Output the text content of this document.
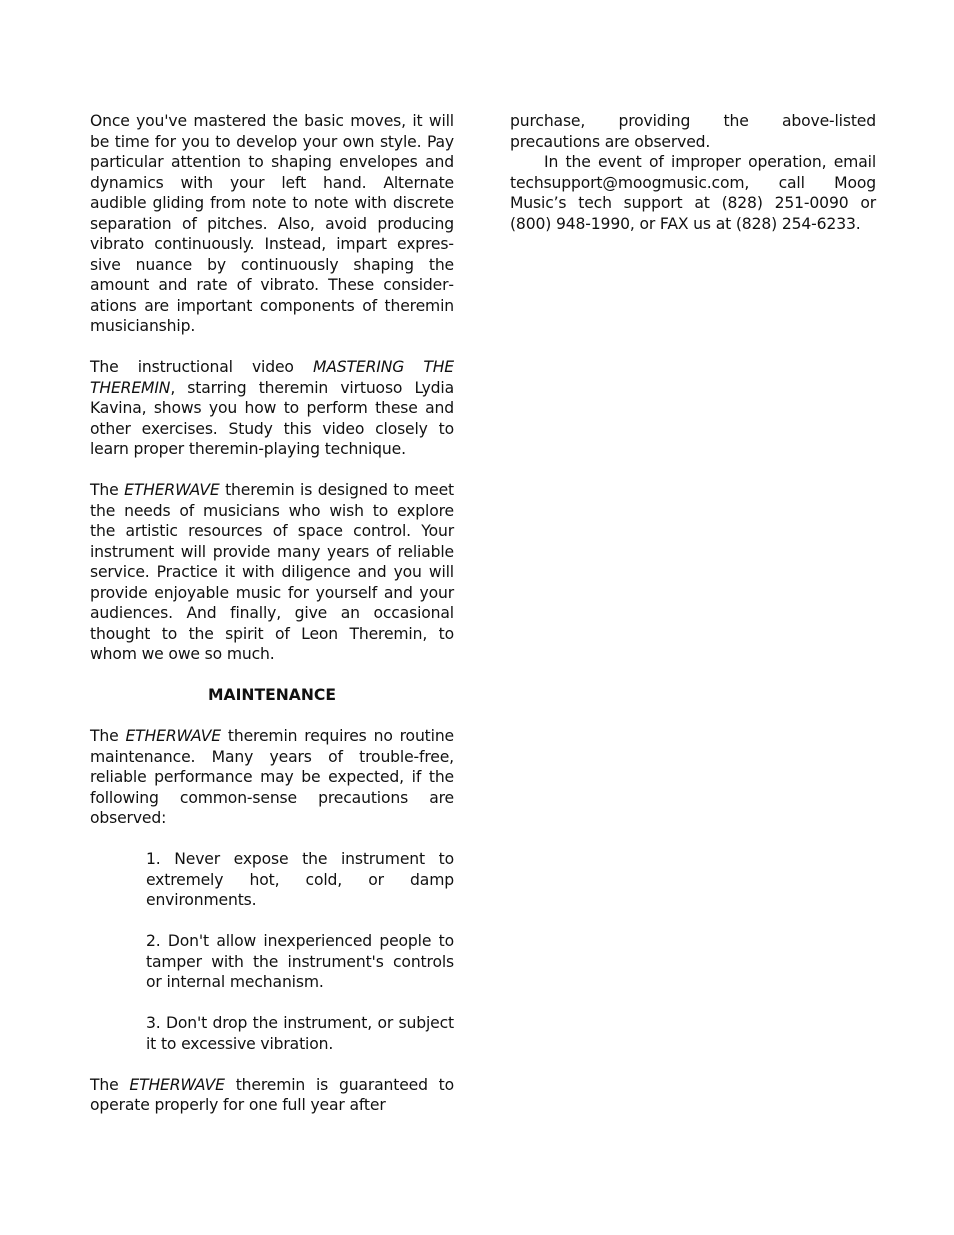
Once you've mastered the basic moves, it will be time for you to develop your own style. Pay particular attention to shaping envelopes and dynamics with your left hand. Alternate audible gliding from note to note with discrete separation of pitches. Also, avoid producing vibrato continuously. Instead, impart expressive nuance by continuously shaping the amount and rate of vibrato. These considerations are important components of theremin musicianship.

The instructional video MASTERING THE THEREMIN, starring theremin virtuoso Lydia Kavina, shows you how to perform these and other exercises. Study this video closely to learn proper theremin-playing technique.

The ETHERWAVE theremin is designed to meet the needs of musicians who wish to explore the artistic resources of space control. Your instrument will provide many years of reliable service. Practice it with diligence and you will provide enjoyable music for yourself and your audiences. And finally, give an occasional thought to the spirit of Leon Theremin, to whom we owe so much.

MAINTENANCE

The ETHERWAVE theremin requires no routine maintenance. Many years of trouble-free, reliable performance may be expected, if the following common-sense precautions are observed:

1. Never expose the instrument to extremely hot, cold, or damp environments.

2. Don't allow inexperienced people to tamper with the instrument's controls or internal mechanism.

3. Don't drop the instrument, or subject it to excessive vibration.

The ETHERWAVE theremin is guaranteed to operate properly for one full year after

purchase, providing the above-listed precautions are observed.

In the event of improper operation, email techsupport@moogmusic.com, call Moog Music’s tech support at (828) 251-0090 or (800) 948-1990, or FAX us at (828) 254-6233.
